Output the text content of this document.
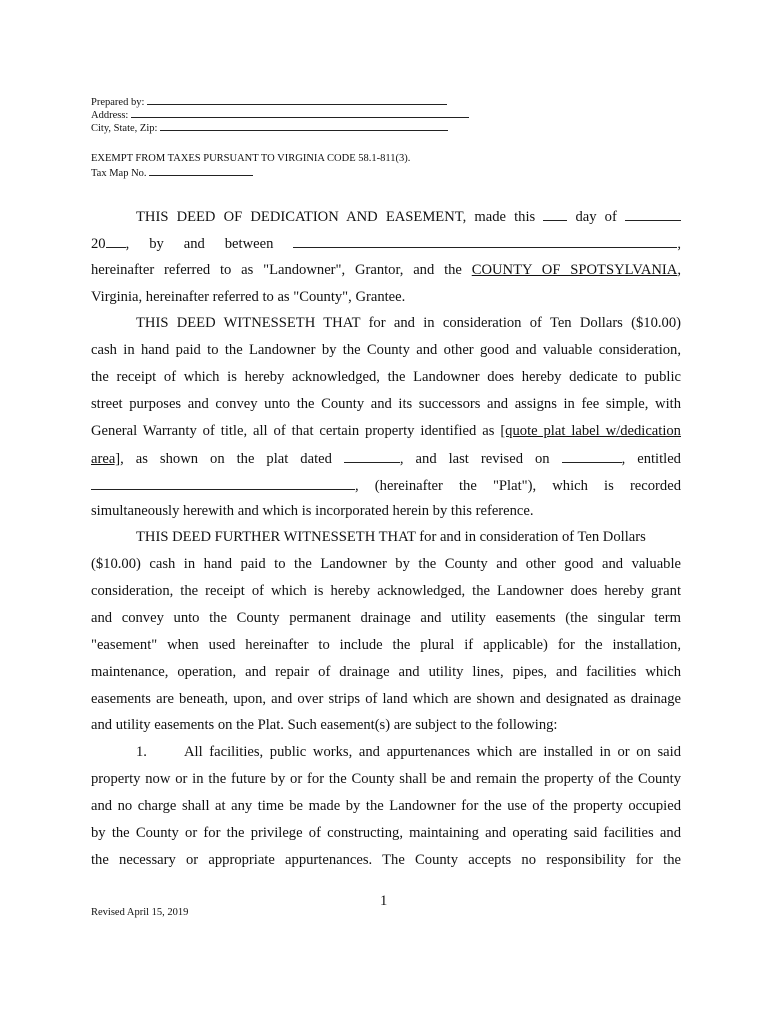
Prepared by:
Address:
City, State, Zip:
EXEMPT FROM TAXES PURSUANT TO VIRGINIA CODE 58.1-811(3).
Tax Map No.
THIS DEED OF DEDICATION AND EASEMENT, made this	day of
20 , by and between	,
hereinafter referred to as "Landowner", Grantor, and the COUNTY OF SPOTSYLVANIA,
Virginia, hereinafter referred to as "County", Grantee.
THIS DEED WITNESSETH THAT for and in consideration of Ten Dollars ($10.00)
cash in hand paid to the Landowner by the County and other good and valuable consideration,
the receipt of which is hereby acknowledged, the Landowner does hereby dedicate to public
street purposes and convey unto the County and its successors and assigns in fee simple, with
General Warranty of title, all of that certain property identified as [quote plat label w/dedication
area], as shown on the plat dated	, and last revised on	, entitled
, (hereinafter the "Plat"), which is recorded
simultaneously herewith and which is incorporated herein by this reference.
THIS DEED FURTHER WITNESSETH THAT for and in consideration of Ten Dollars
($10.00) cash in hand paid to the Landowner by the County and other good and valuable
consideration, the receipt of which is hereby acknowledged, the Landowner does hereby grant
and convey unto the County permanent drainage and utility easements (the singular term
"easement" when used hereinafter to include the plural if applicable) for the installation,
maintenance, operation, and repair of drainage and utility lines, pipes, and facilities which
easements are beneath, upon, and over strips of land which are shown and designated as drainage
and utility easements on the Plat. Such easement(s) are subject to the following:
1.	All facilities, public works, and appurtenances which are installed in or on said
property now or in the future by or for the County shall be and remain the property of the County
and no charge shall at any time be made by the Landowner for the use of the property occupied
by the County or for the privilege of constructing, maintaining and operating said facilities and
the necessary or appropriate appurtenances. The County accepts no responsibility for the
1
Revised April 15, 2019
